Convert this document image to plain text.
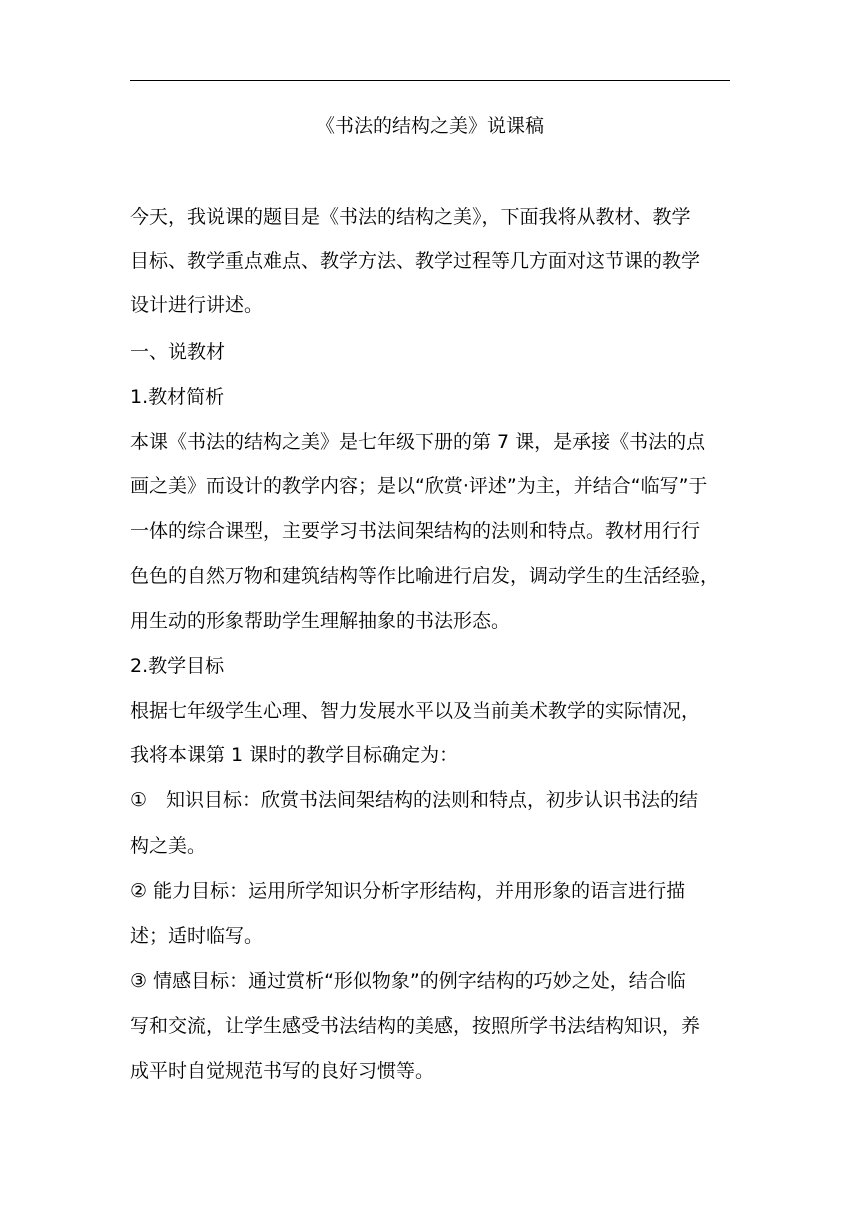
《书法的结构之美》说课稿
今天，我说课的题目是《书法的结构之美》，下面我将从教材、教学
目标、教学重点难点、教学方法、教学过程等几方面对这节课的教学
设计进行讲述。
一、说教材
1.教材简析
本课《书法的结构之美》是七年级下册的第 7 课，是承接《书法的点
画之美》而设计的教学内容；是以“欣赏·评述”为主，并结合“临写”于
一体的综合课型，主要学习书法间架结构的法则和特点。教材用行行
色色的自然万物和建筑结构等作比喻进行启发，调动学生的生活经验，
用生动的形象帮助学生理解抽象的书法形态。
2.教学目标
根据七年级学生心理、智力发展水平以及当前美术教学的实际情况，
我将本课第 1 课时的教学目标确定为：
①　知识目标：欣赏书法间架结构的法则和特点，初步认识书法的结
构之美。
② 能力目标：运用所学知识分析字形结构，并用形象的语言进行描
述；适时临写。
③ 情感目标：通过赏析“形似物象”的例字结构的巧妙之处，结合临
写和交流，让学生感受书法结构的美感，按照所学书法结构知识，养
成平时自觉规范书写的良好习惯等。
